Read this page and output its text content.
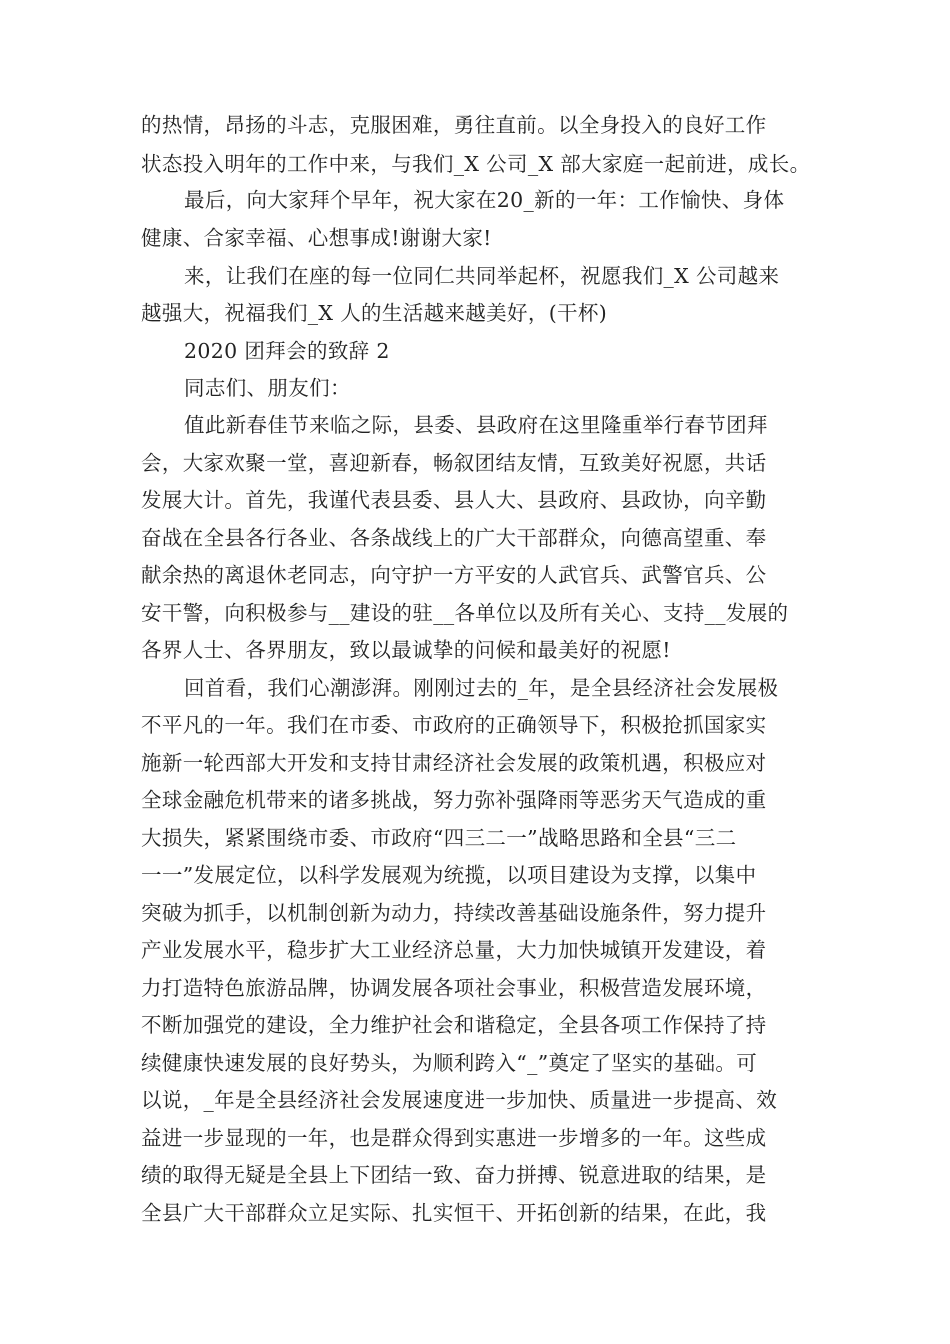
的热情，昂扬的斗志，克服困难，勇往直前。以全身投入的良好工作
状态投入明年的工作中来，与我们_X 公司_X 部大家庭一起前进，成长。
最后，向大家拜个早年，祝大家在20_新的一年：工作愉快、身体
健康、合家幸福、心想事成!谢谢大家!
来，让我们在座的每一位同仁共同举起杯，祝愿我们_X 公司越来
越强大，祝福我们_X 人的生活越来越美好，(干杯)
2020 团拜会的致辞 2
同志们、朋友们：
值此新春佳节来临之际，县委、县政府在这里隆重举行春节团拜
会，大家欢聚一堂，喜迎新春，畅叙团结友情，互致美好祝愿，共话
发展大计。首先，我谨代表县委、县人大、县政府、县政协，向辛勤
奋战在全县各行各业、各条战线上的广大干部群众，向德高望重、奉
献余热的离退休老同志，向守护一方平安的人武官兵、武警官兵、公
安干警，向积极参与__建设的驻__各单位以及所有关心、支持__发展的
各界人士、各界朋友，致以最诚挚的问候和最美好的祝愿!
回首看，我们心潮澎湃。刚刚过去的_年，是全县经济社会发展极
不平凡的一年。我们在市委、市政府的正确领导下，积极抢抓国家实
施新一轮西部大开发和支持甘肃经济社会发展的政策机遇，积极应对
全球金融危机带来的诸多挑战，努力弥补强降雨等恶劣天气造成的重
大损失，紧紧围绕市委、市政府“四三二一”战略思路和全县“三二
一一”发展定位，以科学发展观为统揽，以项目建设为支撑，以集中
突破为抓手，以机制创新为动力，持续改善基础设施条件，努力提升
产业发展水平，稳步扩大工业经济总量，大力加快城镇开发建设，着
力打造特色旅游品牌，协调发展各项社会事业，积极营造发展环境，
不断加强党的建设，全力维护社会和谐稳定，全县各项工作保持了持
续健康快速发展的良好势头，为顺利跨入“_”奠定了坚实的基础。可
以说，_年是全县经济社会发展速度进一步加快、质量进一步提高、效
益进一步显现的一年，也是群众得到实惠进一步增多的一年。这些成
绩的取得无疑是全县上下团结一致、奋力拼搏、锐意进取的结果，是
全县广大干部群众立足实际、扎实恒干、开拓创新的结果，在此，我
